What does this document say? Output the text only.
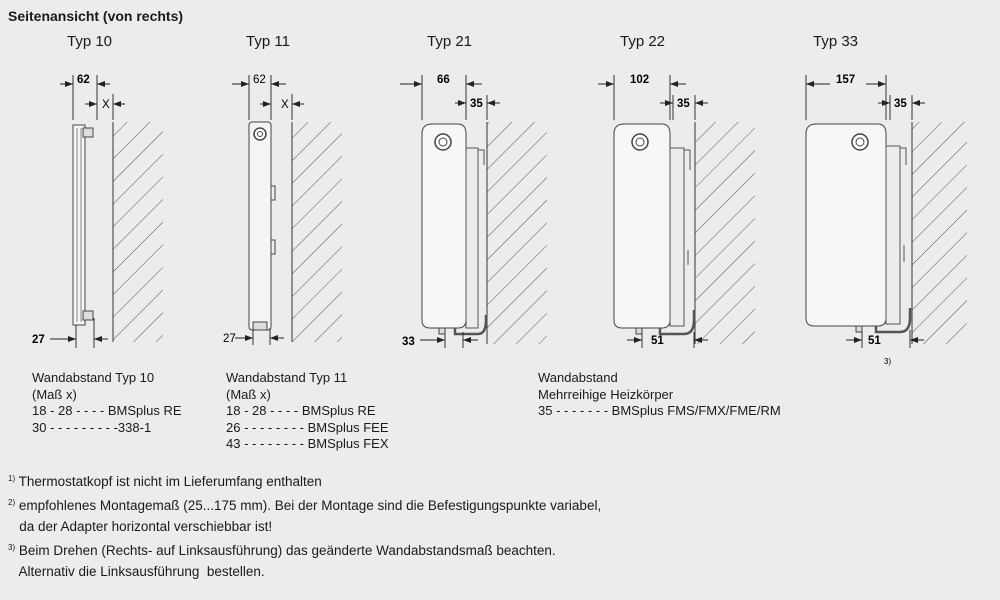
Seitenansicht (von rechts)
Typ 10	Typ 11	Typ 21	Typ 22	Typ 33
62
X
27
62
X
27
66
35
33
102
35
51
157
35
51
3)
Wandabstand Typ 10
(Maß x)
18 - 28 - - - - BMSplus RE
30 - - - - - - - - -338-1
Wandabstand Typ 11
(Maß x)
18 - 28 - - - - BMSplus RE
26 - - - - - - - - BMSplus FEE
43 - - - - - - - - BMSplus FEX
Wandabstand
Mehrreihige Heizkörper
35 - - - - - - - BMSplus FMS/FMX/FME/RM
$^{1)}$ Thermostatkopf ist nicht im Lieferumfang enthalten
$^{2)}$ empfohlenes Montagemaß (25...175 mm). Bei der Montage sind die Befestigungspunkte variabel,
da der Adapter horizontal verschiebbar ist!
$^{3)}$ Beim Drehen (Rechts- auf Linksausführung) das geänderte Wandabstandsmaß beachten.
Alternativ die Linksausführung  bestellen.
